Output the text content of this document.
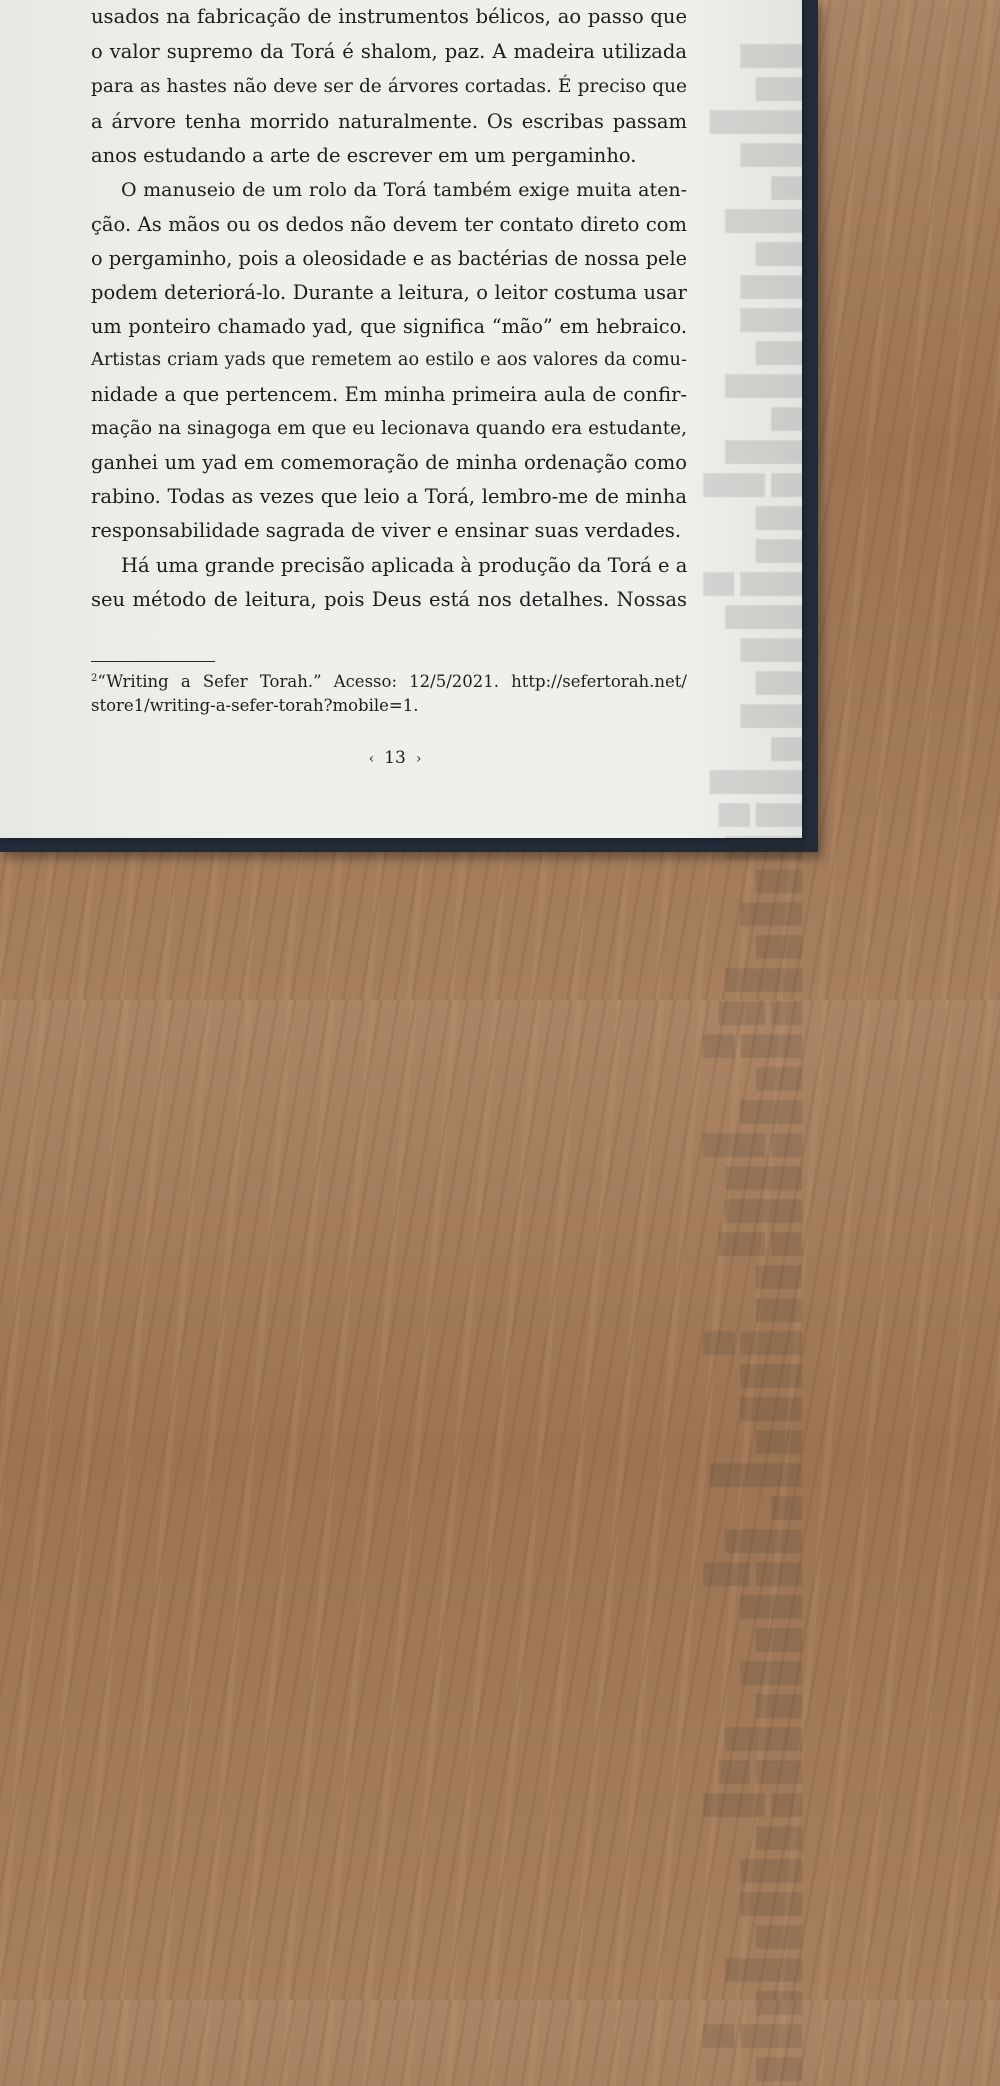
████ ███ ██████ ████
██ █████ ███ ████
████ ███ █████ ██
█████ ██ ████ ███
███ ████ ██ █████
████ ███ ████
██ ██████ ███ ██
█████ ███ ████
███ █████ ██ ███
████ ██ ███ ████
██ ████ █████
█████ ██ ███ ███
███ ████ ██ ████
████ ███ ██████
██ █████ ███ ███
████ ███ ████
███ █████ ███ ██
██ ████ ███ ████
████ ███ █████
███ ████ ██ ███
usados na fabricação de instrumentos bélicos, ao passo que
o valor supremo da Torá é shalom, paz. A madeira utilizada
para as hastes não deve ser de árvores cortadas. É preciso que
a árvore tenha morrido naturalmente. Os escribas passam
anos estudando a arte de escrever em um pergaminho.
O manuseio de um rolo da Torá também exige muita aten-
ção. As mãos ou os dedos não devem ter contato direto com
o pergaminho, pois a oleosidade e as bactérias de nossa pele
podem deteriorá-lo. Durante a leitura, o leitor costuma usar
um ponteiro chamado yad, que significa “mão” em hebraico.
Artistas criam yads que remetem ao estilo e aos valores da comu-
nidade a que pertencem. Em minha primeira aula de confir-
mação na sinagoga em que eu lecionava quando era estudante,
ganhei um yad em comemoração de minha ordenação como
rabino. Todas as vezes que leio a Torá, lembro-me de minha
responsabilidade sagrada de viver e ensinar suas verdades.
Há uma grande precisão aplicada à produção da Torá e a
seu método de leitura, pois Deus está nos detalhes. Nossas
$^2$“Writing a Sefer Torah.” Acesso: 12/5/2021. http://sefertorah.net/
store1/writing-a-sefer-torah?mobile=1.
‹ 13 ›
